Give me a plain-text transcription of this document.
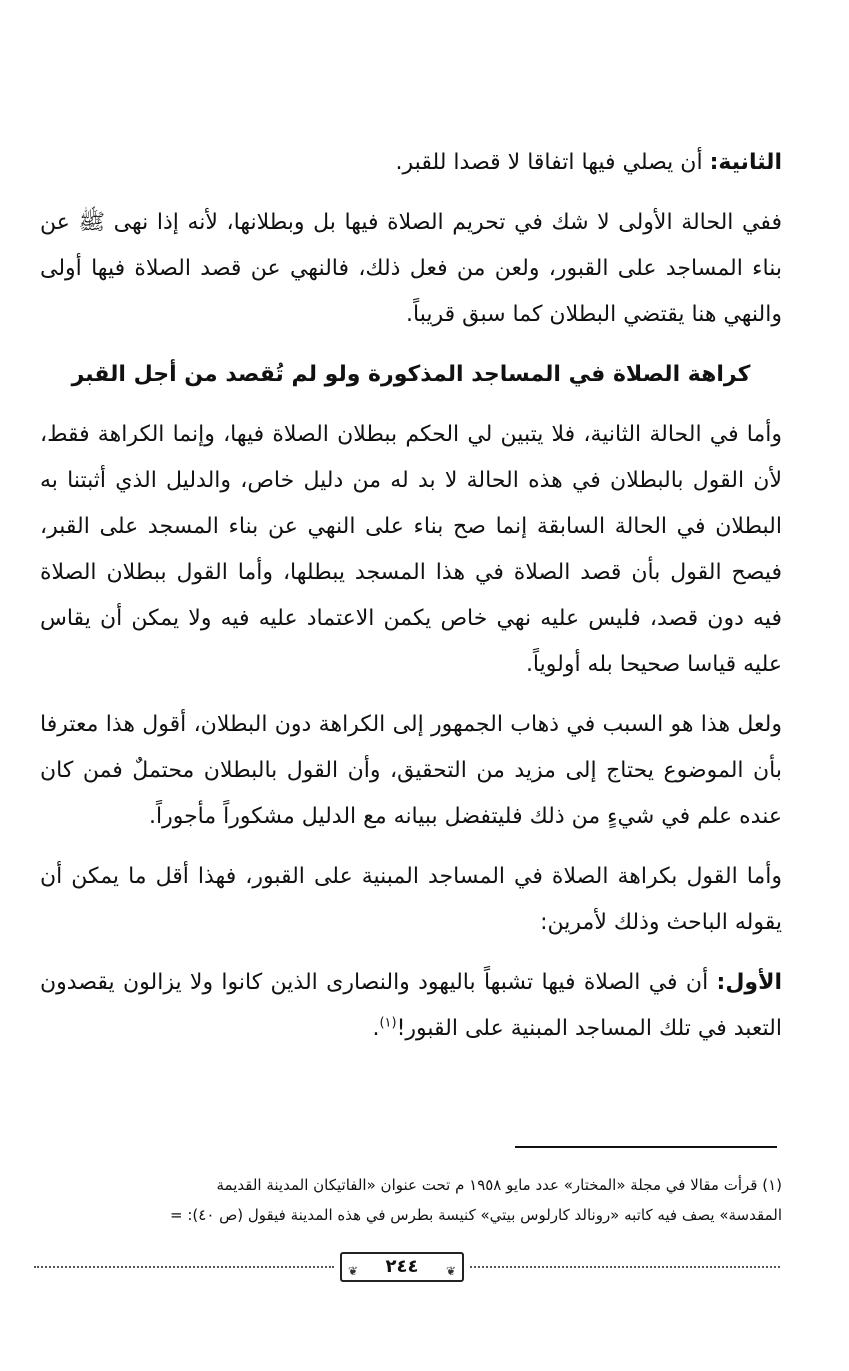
الثانية: أن يصلي فيها اتفاقا لا قصدا للقبر.

ففي الحالة الأولى لا شك في تحريم الصلاة فيها بل وبطلانها، لأنه إذا نهى ﷺ عن بناء المساجد على القبور، ولعن من فعل ذلك، فالنهي عن قصد الصلاة فيها أولى والنهي هنا يقتضي البطلان كما سبق قريباً.

كراهة الصلاة في المساجد المذكورة ولو لم تُقصد من أجل القبر

وأما في الحالة الثانية، فلا يتبين لي الحكم ببطلان الصلاة فيها، وإنما الكراهة فقط، لأن القول بالبطلان في هذه الحالة لا بد له من دليل خاص، والدليل الذي أثبتنا به البطلان في الحالة السابقة إنما صح بناء على النهي عن بناء المسجد على القبر، فيصح القول بأن قصد الصلاة في هذا المسجد يبطلها، وأما القول ببطلان الصلاة فيه دون قصد، فليس عليه نهي خاص يكمن الاعتماد عليه فيه ولا يمكن أن يقاس عليه قياسا صحيحا بله أولوياً.

ولعل هذا هو السبب في ذهاب الجمهور إلى الكراهة دون البطلان، أقول هذا معترفا بأن الموضوع يحتاج إلى مزيد من التحقيق، وأن القول بالبطلان محتملٌ فمن كان عنده علم في شيءٍ من ذلك فليتفضل ببيانه مع الدليل مشكوراً مأجوراً.

وأما القول بكراهة الصلاة في المساجد المبنية على القبور، فهذا أقل ما يمكن أن يقوله الباحث وذلك لأمرين:

الأول: أن في الصلاة فيها تشبهاً باليهود والنصارى الذين كانوا ولا يزالون يقصدون التعبد في تلك المساجد المبنية على القبور!$^{(١)}$.

(١) قرأت مقالا في مجلة «المختار» عدد مايو ١٩٥٨ م تحت عنوان «الفاتيكان المدينة القديمة

المقدسة» يصف فيه كاتبه «رونالد كارلوس بيتي» كنيسة بطرس في هذه المدينة فيقول (ص ٤٠): =

❦ ٢٤٤ ❦
